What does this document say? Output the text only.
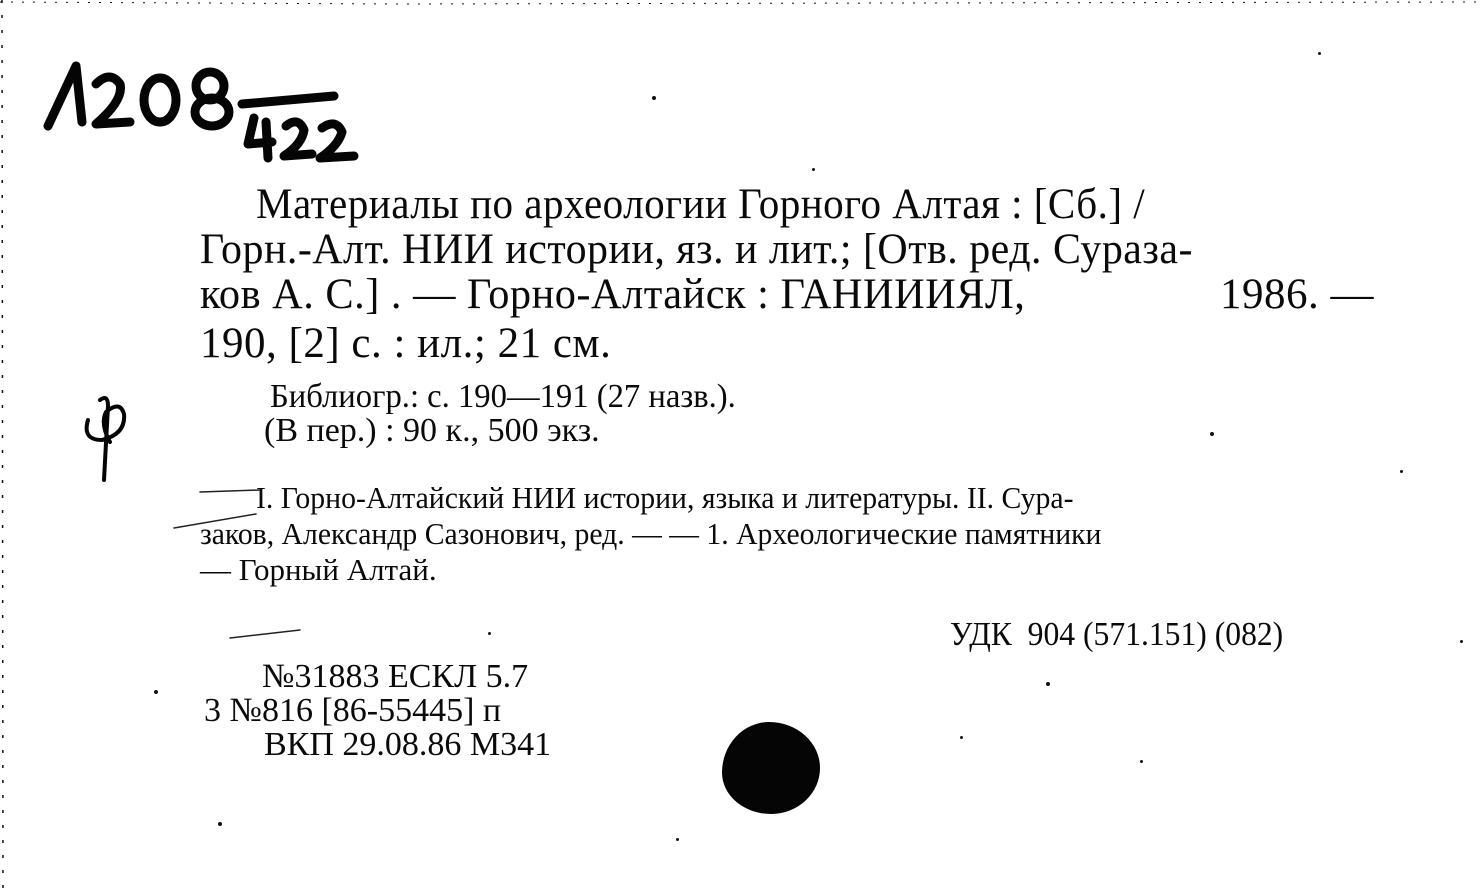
Материалы по археологии Горного Алтая : [Сб.] /
Горн.-Алт. НИИ истории, яз. и лит.; [Отв. ред. Сураза-
ков А. С.] . — Горно-Алтайск : ГАНИИИЯЛ,	1986. —
190, [2] с. : ил.; 21 см.
Библиогр.: с. 190—191 (27 назв.).
(В пер.) : 90 к., 500 экз.
I. Горно-Алтайский НИИ истории, языка и литературы. II. Сура-
заков, Александр Сазонович, ред. — — 1. Археологические памятники
— Горный Алтай.
УДК  904 (571.151) (082)
№31883 ЕСКЛ 5.7
3 №816 [86-55445] п
ВКП 29.08.86 М341
